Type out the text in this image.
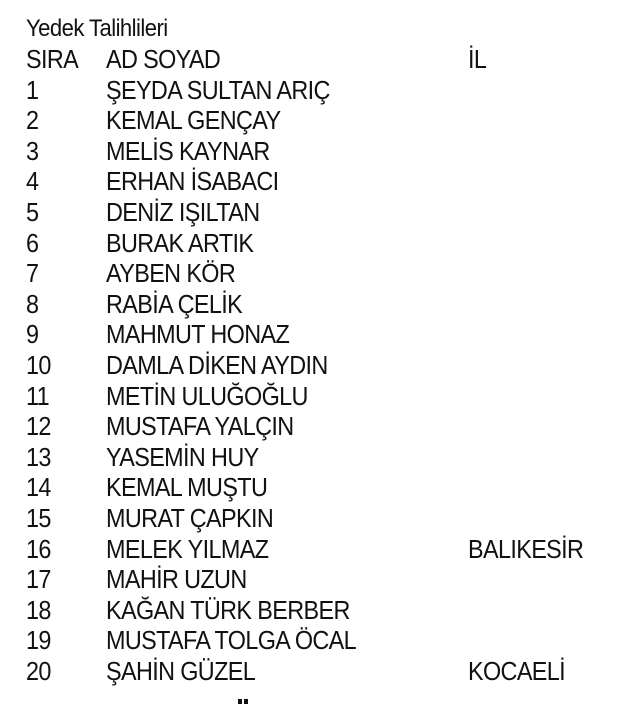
Yedek Talihlileri
SIRA AD SOYAD	İL
1	ŞEYDA SULTAN ARIÇ
2	KEMAL GENÇAY
3	MELİS KAYNAR
4	ERHAN İSABACI
5	DENİZ IŞILTAN
6	BURAK ARTIK
7	AYBEN KÖR
8	RABİA ÇELİK
9	MAHMUT HONAZ
10 DAMLA DİKEN AYDIN
11 METİN ULUĞOĞLU
12 MUSTAFA YALÇIN
13 YASEMİN HUY
14 KEMAL MUŞTU
15 MURAT ÇAPKIN
16 MELEK YILMAZ	BALIKESİR
17 MAHİR UZUN
18 KAĞAN TÜRK BERBER
19 MUSTAFA TOLGA ÖCAL
20 ŞAHİN GÜZEL	KOCAELİ
